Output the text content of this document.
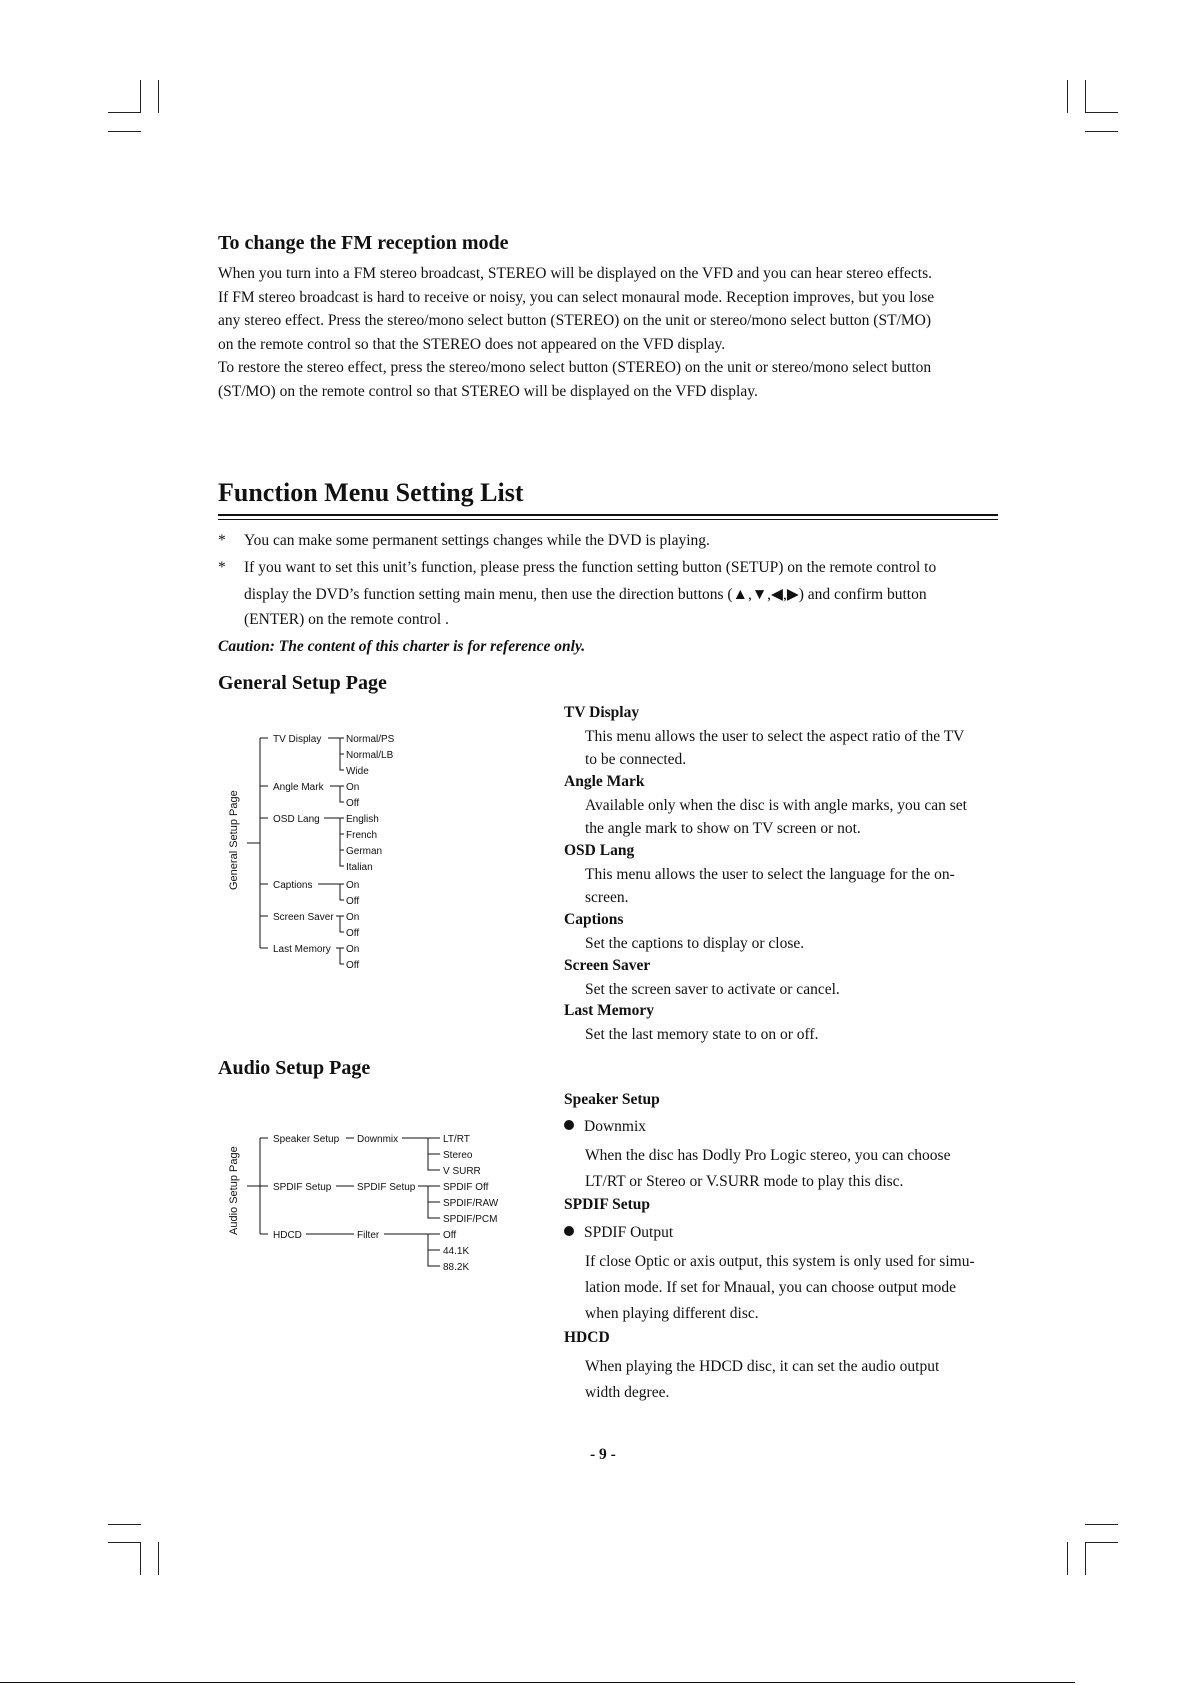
To change the FM reception mode
When you turn into a FM stereo broadcast, STEREO will be displayed on the VFD and you can hear stereo effects.
If FM stereo broadcast is hard to receive or noisy, you can select monaural mode. Reception improves, but you lose
any stereo effect. Press the stereo/mono select button (STEREO) on the unit or stereo/mono select button (ST/MO)
on the remote control so that the STEREO does not appeared on the VFD display.
To restore the stereo effect, press the stereo/mono select button (STEREO) on the unit or stereo/mono select button
(ST/MO) on the remote control so that STEREO will be displayed on the VFD display.
Function Menu Setting List
* You can make some permanent settings changes while the DVD is playing.
* If you want to set this unit’s function, please press the function setting button (SETUP) on the remote control to
display the DVD’s function setting main menu, then use the direction buttons (▲,▼,◀,▶) and confirm button
(ENTER) on the remote control .
Caution: The content of this charter is for reference only.
General Setup Page
General Setup Page
TV Display Normal/PS
Normal/LB
Wide
Angle Mark On
Off
OSD Lang	English
French
German
Italian
Captions	On
Off
Screen Saver On
Off
Last Memory On
Off
TV Display
This menu allows the user to select the aspect ratio of the TV
to be connected.
Angle Mark
Available only when the disc is with angle marks, you can set
the angle mark to show on TV screen or not.
OSD Lang
This menu allows the user to select the language for the on-
screen.
Captions
Set the captions to display or close.
Screen Saver
Set the screen saver to activate or cancel.
Last Memory
Set the last memory state to on or off.
Audio Setup Page
Audio Setup Page
Speaker Setup Downmix	LT/RT
Stereo
V SURR
SPDIF Setup	SPDIF Setup	SPDIF Off
SPDIF/RAW
SPDIF/PCM
HDCD	Filter	Off
44.1K
88.2K
Speaker Setup
Downmix
When the disc has Dodly Pro Logic stereo, you can choose
LT/RT or Stereo or V.SURR mode to play this disc.
SPDIF Setup
SPDIF Output
If close Optic or axis output, this system is only used for simu-
lation mode. If set for Mnaual, you can choose output mode
when playing different disc.
HDCD
When playing the HDCD disc, it can set the audio output
width degree.
- 9 -
